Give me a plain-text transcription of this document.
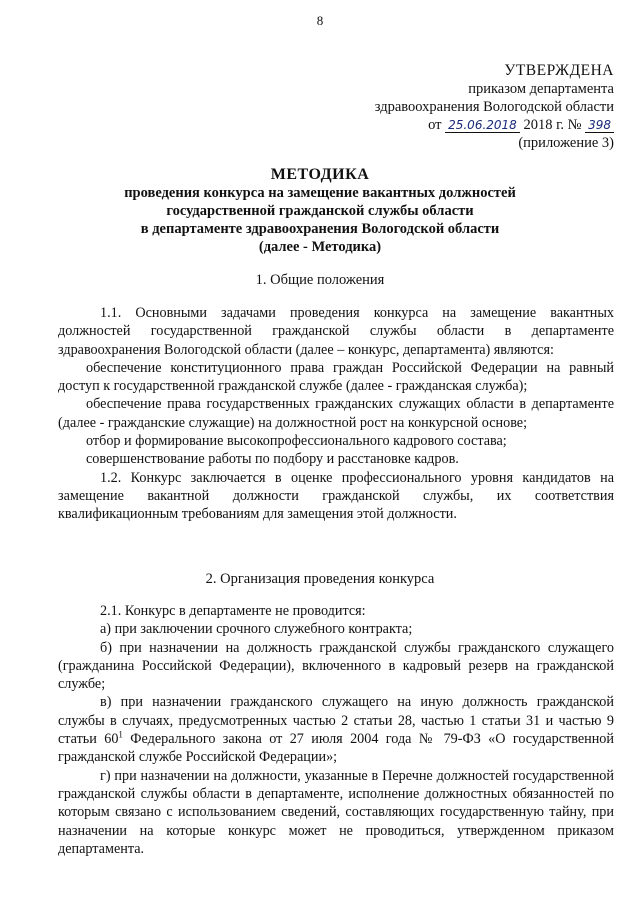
8
УТВЕРЖДЕНА
приказом департамента
здравоохранения Вологодской области
от 25.06.2018 2018 г. № 398
(приложение 3)
МЕТОДИКА
проведения конкурса на замещение вакантных должностей
государственной гражданской службы области
в департаменте здравоохранения Вологодской области
(далее - Методика)
1. Общие положения

1.1. Основными задачами проведения конкурса на замещение вакантных должностей государственной гражданской службы области в департаменте здравоохранения Вологодской области (далее – конкурс, департамента) являются:

обеспечение конституционного права граждан Российской Федерации на равный доступ к государственной гражданской службе (далее - гражданская служба);

обеспечение права государственных гражданских служащих области в департаменте (далее - гражданские служащие) на должностной рост на конкурсной основе;

отбор и формирование высокопрофессионального кадрового состава;

совершенствование работы по подбору и расстановке кадров.

1.2. Конкурс заключается в оценке профессионального уровня кандидатов на замещение вакантной должности гражданской службы, их соответствия квалификационным требованиям для замещения этой должности.

2. Организация проведения конкурса

2.1. Конкурс в департаменте не проводится:

а) при заключении срочного служебного контракта;

б) при назначении на должность гражданской службы гражданского служащего (гражданина Российской Федерации), включенного в кадровый резерв на гражданской службе;

в) при назначении гражданского служащего на иную должность гражданской службы в случаях, предусмотренных частью 2 статьи 28, частью 1 статьи 31 и частью 9 статьи $60^1$ Федерального закона от 27 июля 2004 года № 79-ФЗ «О государственной гражданской службе Российской Федерации»;

г) при назначении на должности, указанные в Перечне должностей государственной гражданской службы области в департаменте, исполнение должностных обязанностей по которым связано с использованием сведений, составляющих государственную тайну, при назначении на которые конкурс может не проводиться, утвержденном приказом департамента.
